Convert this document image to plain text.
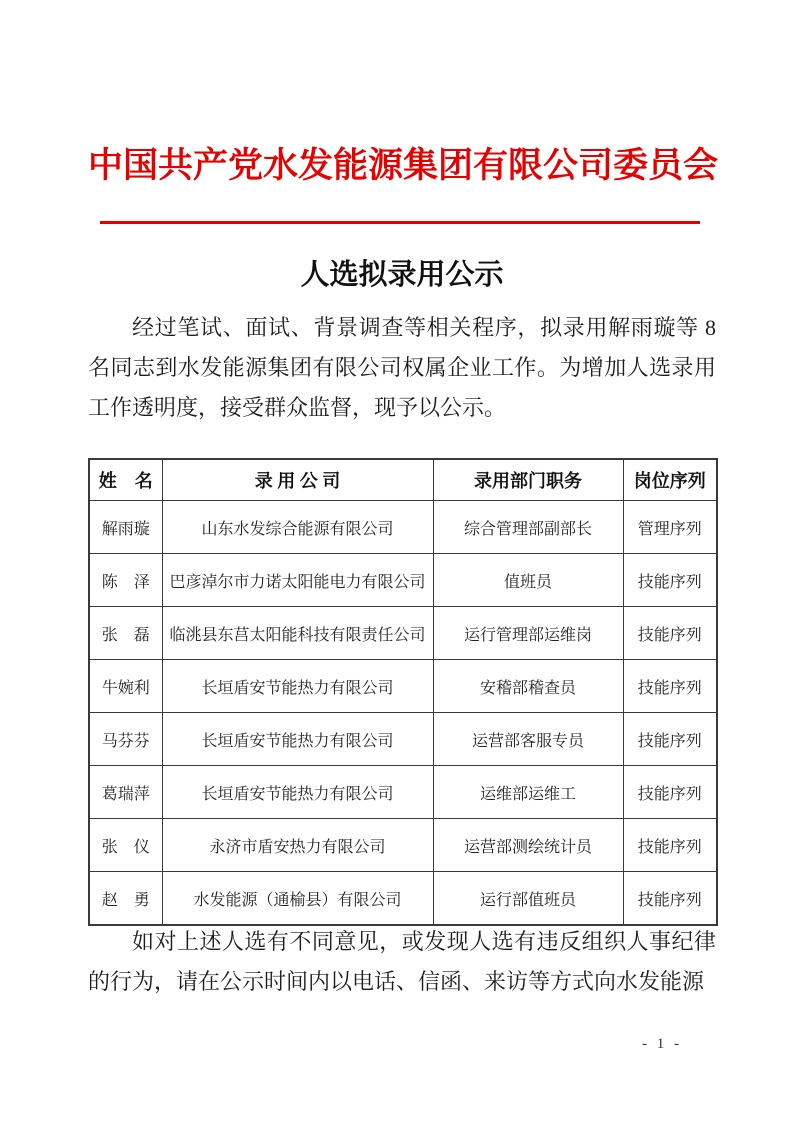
中国共产党水发能源集团有限公司委员会
人选拟录用公示
经过笔试、面试、背景调查等相关程序，拟录用解雨璇等 8 名同志到水发能源集团有限公司权属企业工作。为增加人选录用工作透明度，接受群众监督，现予以公示。
姓　名	录 用 公 司	录用部门职务	岗位序列
解雨璇	山东水发综合能源有限公司	综合管理部副部长	管理序列
陈　泽	巴彦淖尔市力诺太阳能电力有限公司	值班员	技能序列
张　磊	临洮县东莒太阳能科技有限责任公司	运行管理部运维岗	技能序列
牛婉利	长垣盾安节能热力有限公司	安稽部稽查员	技能序列
马芬芬	长垣盾安节能热力有限公司	运营部客服专员	技能序列
葛瑞萍	长垣盾安节能热力有限公司	运维部运维工	技能序列
张　仪	永济市盾安热力有限公司	运营部测绘统计员	技能序列
赵　勇	水发能源（通榆县）有限公司	运行部值班员	技能序列
如对上述人选有不同意见，或发现人选有违反组织人事纪律的行为，请在公示时间内以电话、信函、来访等方式向水发能源
- 1 -
